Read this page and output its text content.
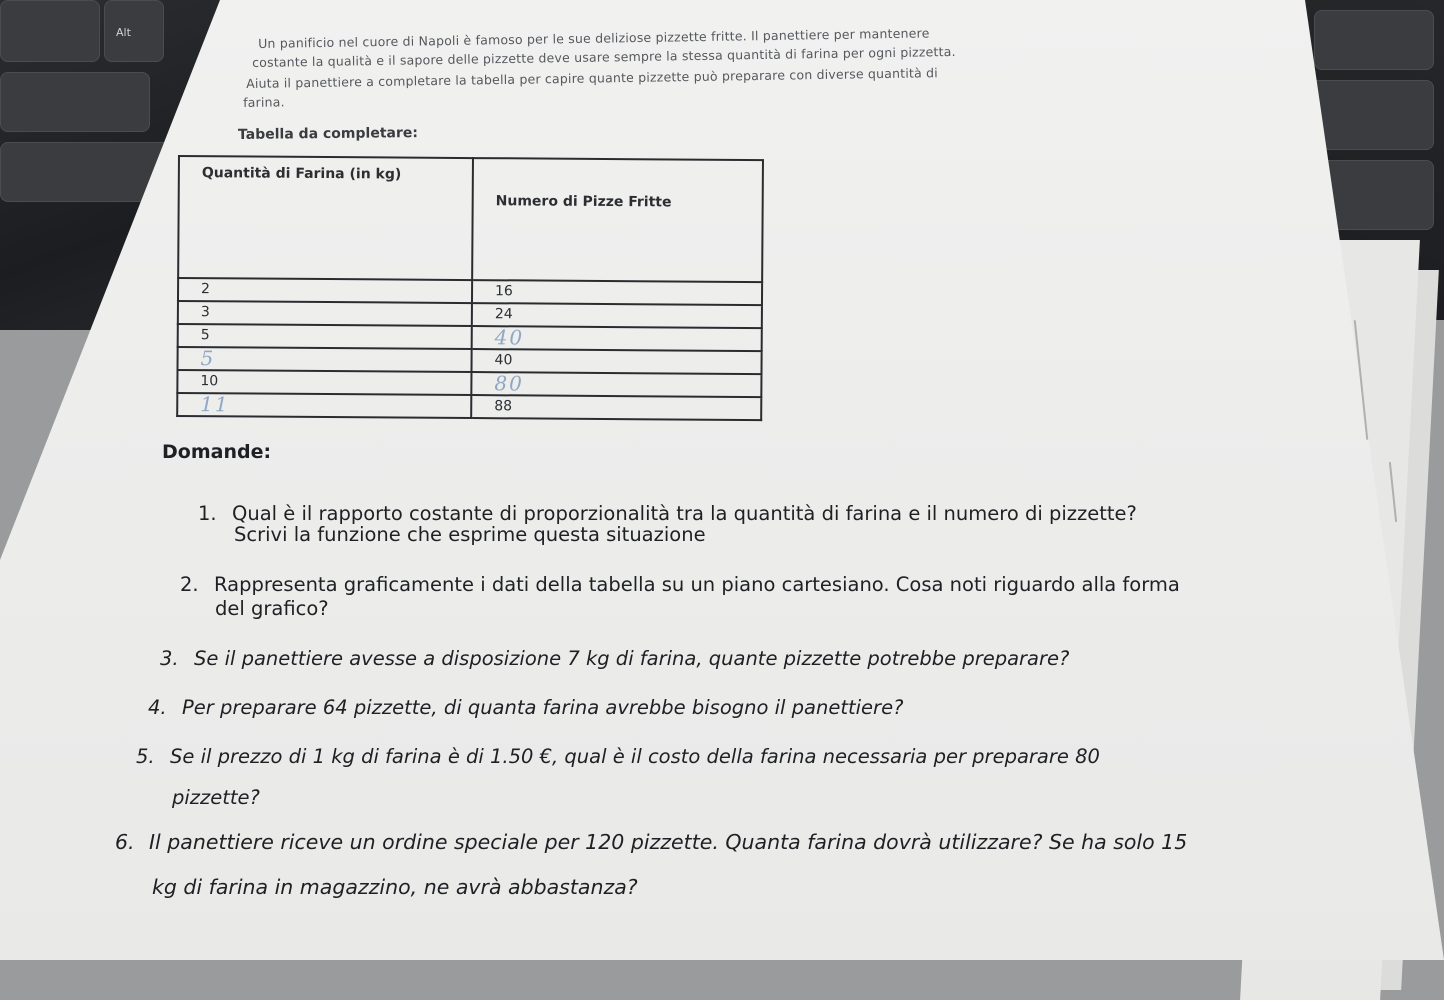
Alt	Un panificio nel cuore di Napoli è famoso per le sue deliziose pizzette fritte. Il panettiere per mantenere
costante la qualità e il sapore delle pizzette deve usare sempre la stessa quantità di farina per ogni pizzetta.
Aiuta il panettiere a completare la tabella per capire quante pizzette può preparare con diverse quantità di
farina.
Tabella da completare:
Quantità di Farina (in kg)	Numero di Pizze Fritte
2	16
3	24
5	40
5	40
10	80
11	88
Domande:
1. Qual è il rapporto costante di proporzionalità tra la quantità di farina e il numero di pizzette?
Scrivi la funzione che esprime questa situazione
2. Rappresenta graficamente i dati della tabella su un piano cartesiano. Cosa noti riguardo alla forma
del grafico?
3. Se il panettiere avesse a disposizione 7 kg di farina, quante pizzette potrebbe preparare?
4. Per preparare 64 pizzette, di quanta farina avrebbe bisogno il panettiere?
5. Se il prezzo di 1 kg di farina è di 1.50 €, qual è il costo della farina necessaria per preparare 80
pizzette?
6. Il panettiere riceve un ordine speciale per 120 pizzette. Quanta farina dovrà utilizzare? Se ha solo 15
kg di farina in magazzino, ne avrà abbastanza?
